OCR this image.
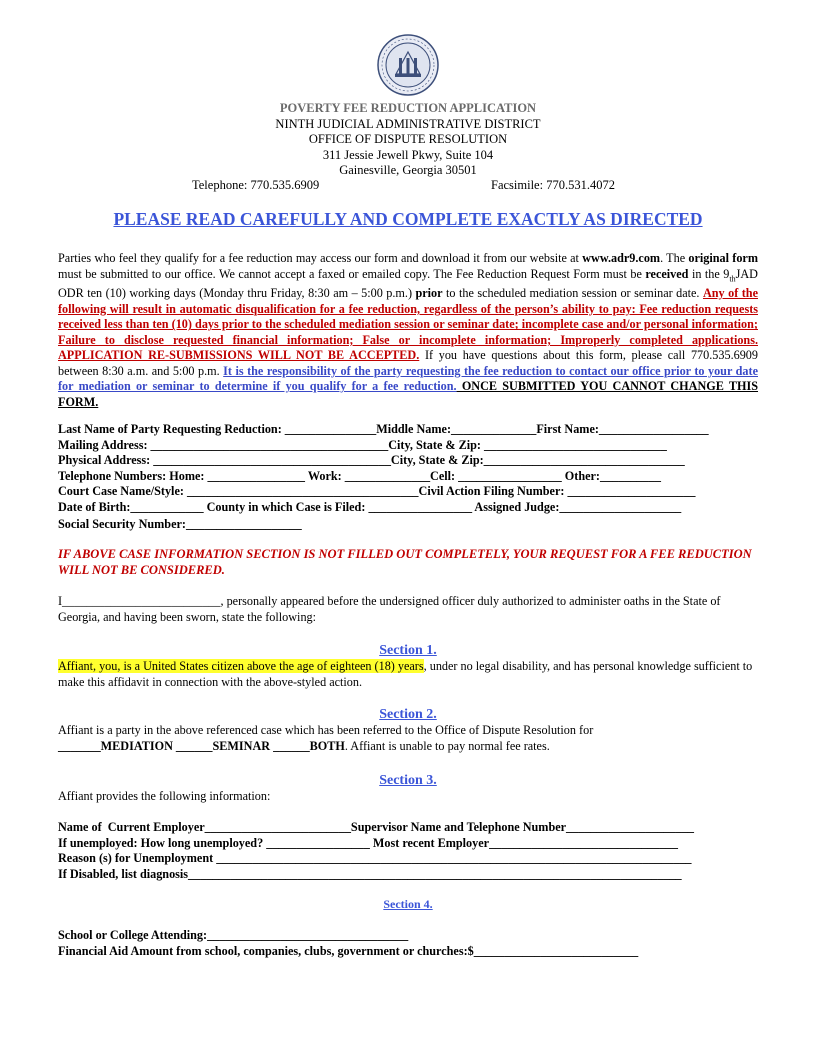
POVERTY FEE REDUCTION APPLICATION
NINTH JUDICIAL ADMINISTRATIVE DISTRICT
OFFICE OF DISPUTE RESOLUTION
311 Jessie Jewell Pkwy, Suite 104
Gainesville, Georgia 30501
Telephone: 770.535.6909	Facsimile: 770.531.4072
PLEASE READ CAREFULLY AND COMPLETE EXACTLY AS DIRECTED
Parties who feel they qualify for a fee reduction may access our form and download it from our website at www.adr9.com. The original form must be submitted to our office. We cannot accept a faxed or emailed copy. The Fee Reduction Request Form must be received in the $9_{th}JAD$ ODR ten (10) working days (Monday thru Friday, 8:30 am – 5:00 p.m.) prior to the scheduled mediation session or seminar date. Any of the following will result in automatic disqualification for a fee reduction, regardless of the person’s ability to pay: Fee reduction requests received less than ten (10) days prior to the scheduled mediation session or seminar date; incomplete case and/or personal information; Failure to disclose requested financial information; False or incomplete information; Improperly completed applications. APPLICATION RE-SUBMISSIONS WILL NOT BE ACCEPTED. If you have questions about this form, please call 770.535.6909 between 8:30 a.m. and 5:00 p.m. It is the responsibility of the party requesting the fee reduction to contact our office prior to your date for mediation or seminar to determine if you qualify for a fee reduction. ONCE SUBMITTED YOU CANNOT CHANGE THIS FORM.
Last Name of Party Requesting Reduction: _______________Middle Name:______________First Name:__________________
Mailing Address: _______________________________________City, State & Zip: ______________________________
Physical Address: _______________________________________City, State & Zip:_________________________________
Telephone Numbers: Home: ________________ Work: ______________Cell: _________________ Other:__________
Court Case Name/Style: ______________________________________Civil Action Filing Number: _____________________
Date of Birth:____________ County in which Case is Filed: _________________ Assigned Judge:____________________
Social Security Number:___________________
IF ABOVE CASE INFORMATION SECTION IS NOT FILLED OUT COMPLETELY, YOUR REQUEST FOR A FEE REDUCTION WILL NOT BE CONSIDERED.
I__________________________, personally appeared before the undersigned officer duly authorized to administer oaths in the State of Georgia, and having been sworn, state the following:
Section 1.
Affiant, you, is a United States citizen above the age of eighteen (18) years, under no legal disability, and has personal knowledge sufficient to make this affidavit in connection with the above-styled action.
Section 2.
Affiant is a party in the above referenced case which has been referred to the Office of Dispute Resolution for
_______MEDIATION ______SEMINAR ______BOTH. Affiant is unable to pay normal fee rates.
Section 3.
Affiant provides the following information:
Name of  Current Employer________________________Supervisor Name and Telephone Number_____________________
If unemployed: How long unemployed? _________________ Most recent Employer_______________________________
Reason (s) for Unemployment ______________________________________________________________________________
If Disabled, list diagnosis_________________________________________________________________________________
Section 4.
School or College Attending:_________________________________
Financial Aid Amount from school, companies, clubs, government or churches:$___________________________
